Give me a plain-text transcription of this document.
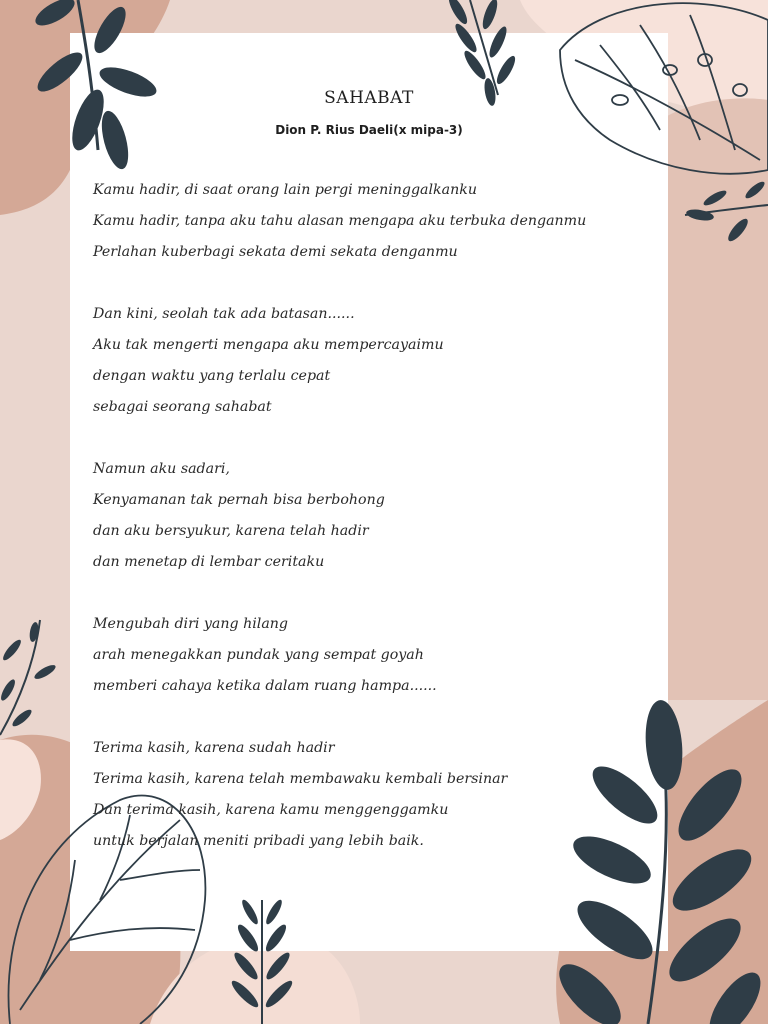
SAHABAT
Dion P. Rius Daeli(x mipa-3)
Kamu hadir, di saat orang lain pergi meninggalkanku
Kamu hadir, tanpa aku tahu alasan mengapa aku terbuka denganmu
Perlahan kuberbagi sekata demi sekata denganmu
Dan kini, seolah tak ada batasan......
Aku tak mengerti mengapa aku mempercayaimu
dengan waktu yang terlalu cepat
sebagai seorang sahabat
Namun aku sadari,
Kenyamanan tak pernah bisa berbohong
dan aku bersyukur, karena telah hadir
dan menetap di lembar ceritaku
Mengubah diri yang hilang
arah menegakkan pundak yang sempat goyah
memberi cahaya ketika dalam ruang hampa......
Terima kasih, karena sudah hadir
Terima kasih, karena telah membawaku kembali bersinar
Dan terima kasih, karena kamu menggenggamku
untuk berjalan meniti pribadi yang lebih baik.
